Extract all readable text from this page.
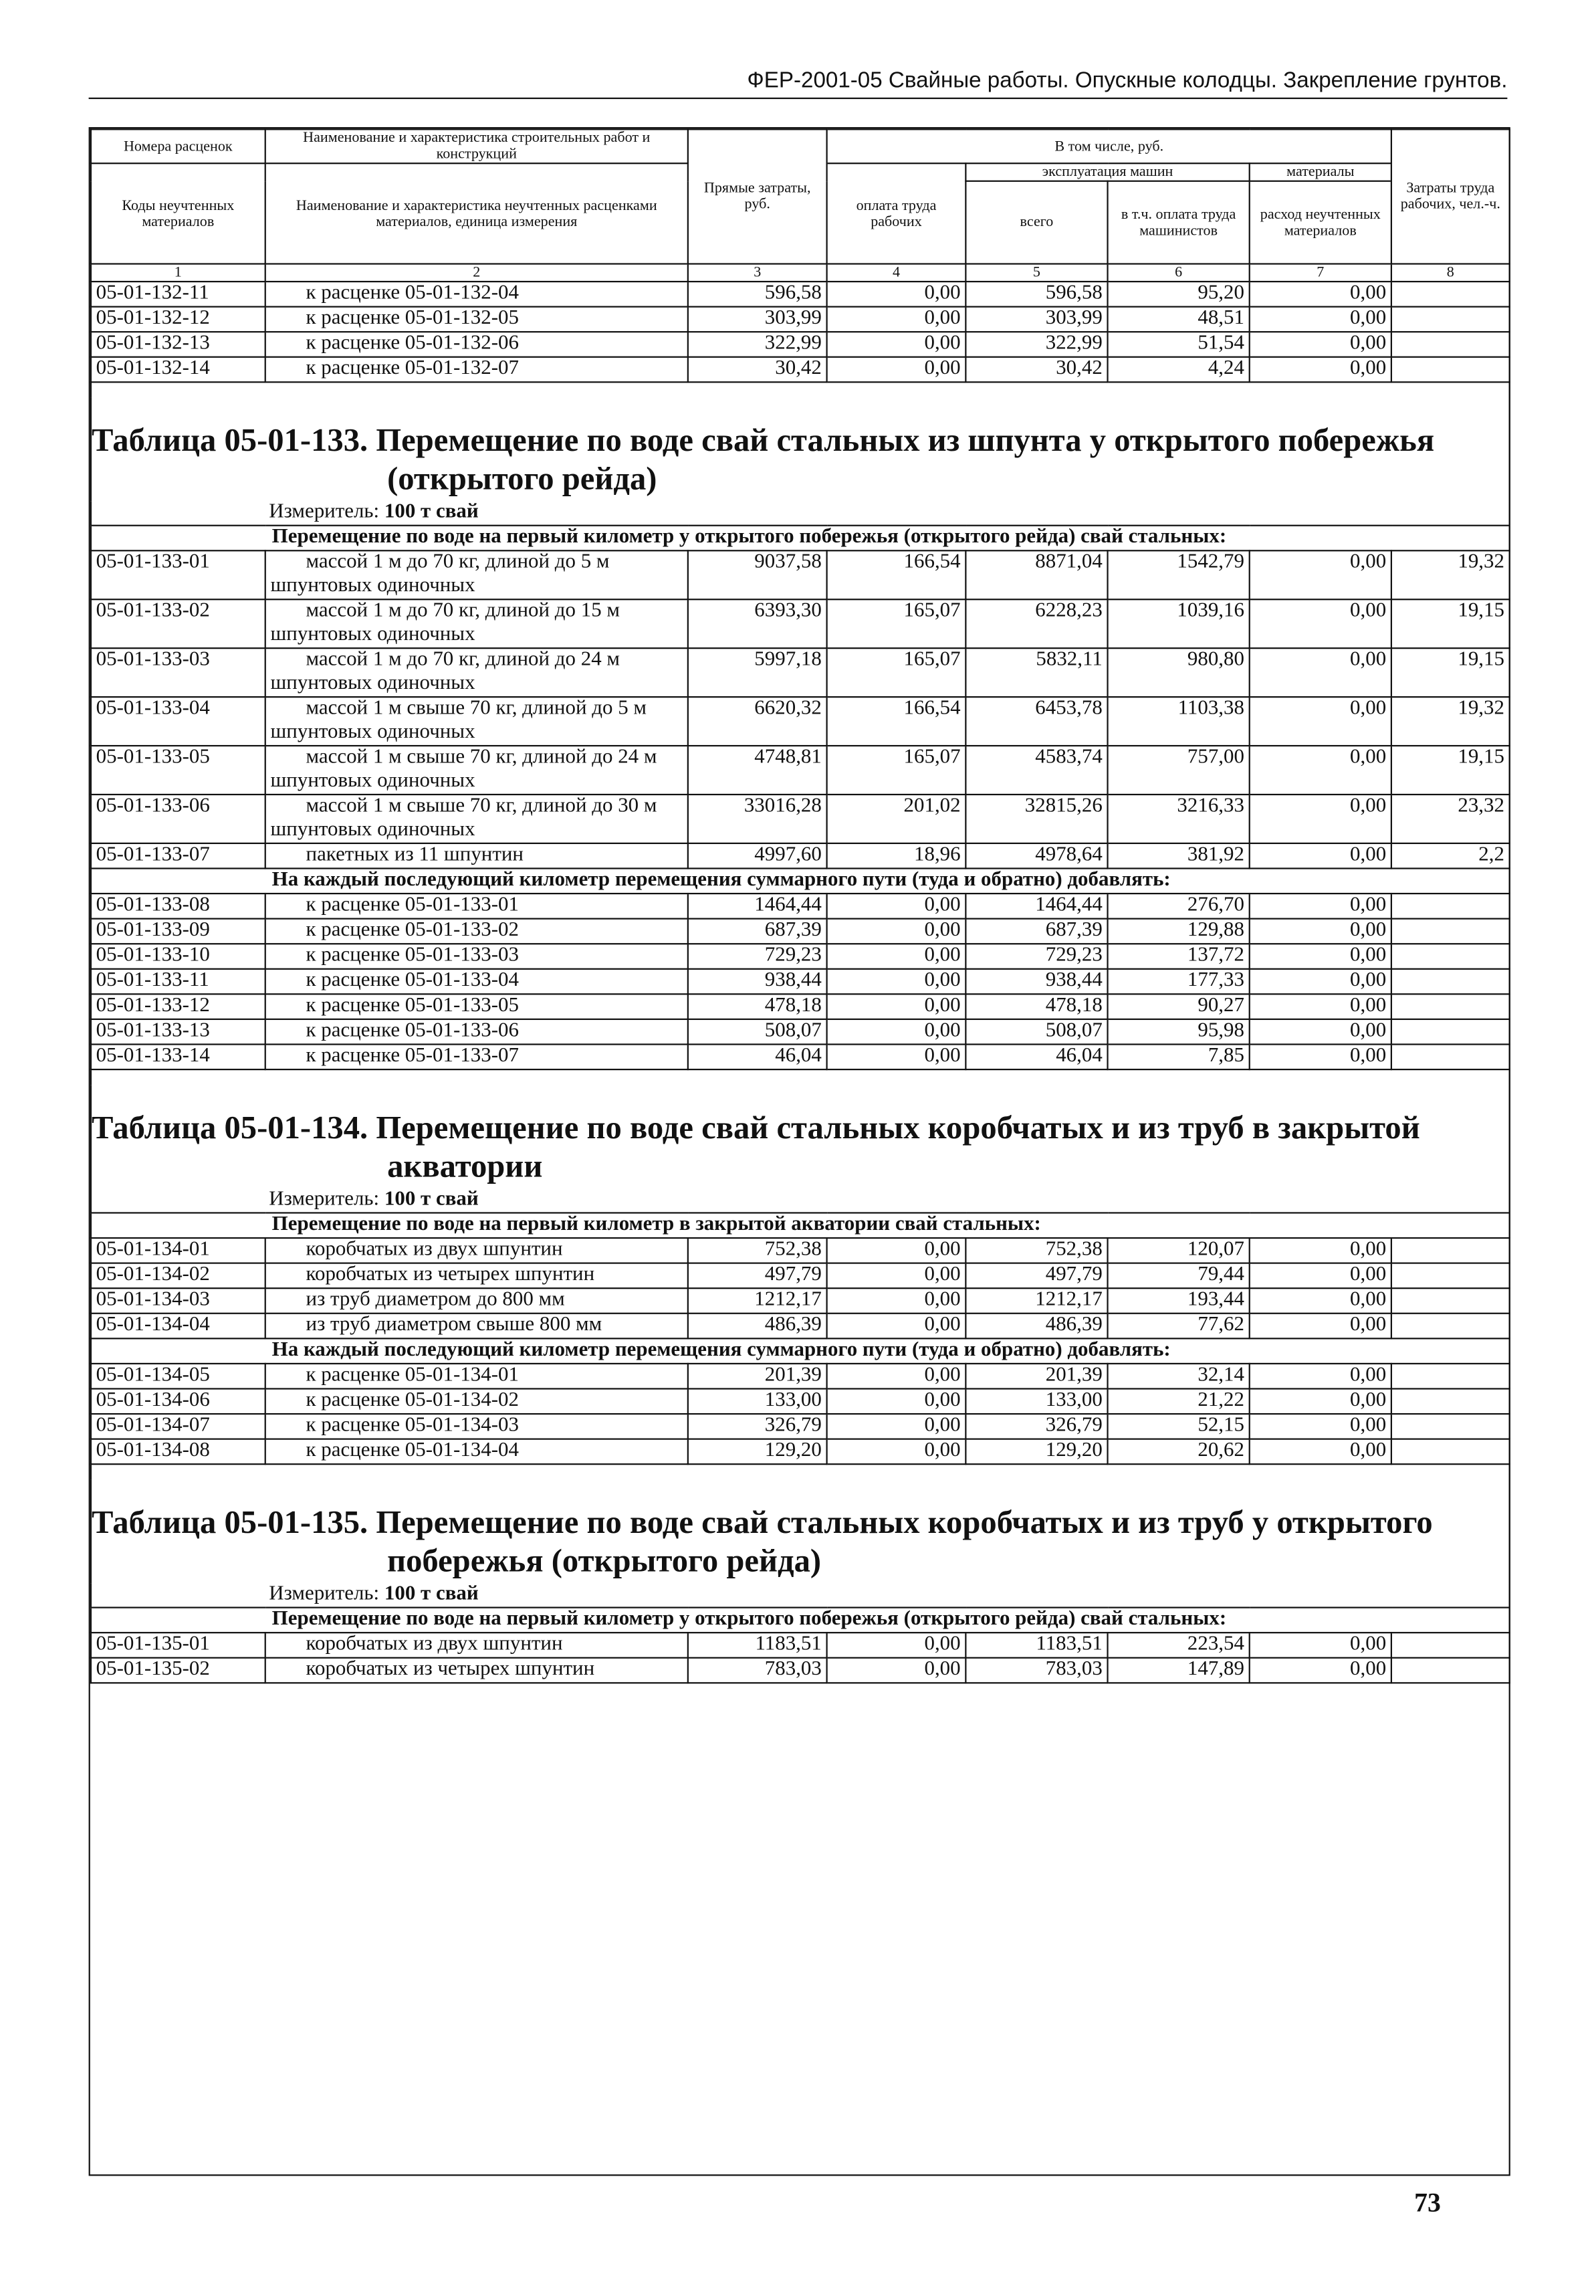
ФЕР-2001-05 Свайные работы. Опускные колодцы. Закрепление грунтов.
Номера расценок	Наименование и характеристика строительных работ и конструкций	Прямые затраты, руб.	В том числе, руб.				Затраты труда рабочих, чел.-ч.
Коды неучтенных материалов	Наименование и характеристика неучтенных расценками материалов, единица измерения		оплата труда рабочих	эксплуатация машин		материалы	
				всего	в т.ч. оплата труда машинистов	расход неучтенных материалов	
1	2	3	4	5	6	7	8
05-01-132-11	к расценке 05-01-132-04	596,58	0,00	596,58	95,20	0,00	
05-01-132-12	к расценке 05-01-132-05	303,99	0,00	303,99	48,51	0,00	
05-01-132-13	к расценке 05-01-132-06	322,99	0,00	322,99	51,54	0,00	
05-01-132-14	к расценке 05-01-132-07	30,42	0,00	30,42	4,24	0,00	

Таблица 05-01-133. Перемещение по воде свай стальных из шпунта у открытого побережья
(открытого рейда)							

Измеритель: 100 т свай							
Перемещение по воде на первый километр у открытого побережья (открытого рейда) свай стальных:							
05-01-133-01	массой 1 м до 70 кг, длиной до 5 м шпунтовых одиночных	9037,58	166,54	8871,04	1542,79	0,00	19,32
05-01-133-02	массой 1 м до 70 кг, длиной до 15 м шпунтовых одиночных	6393,30	165,07	6228,23	1039,16	0,00	19,15
05-01-133-03	массой 1 м до 70 кг, длиной до 24 м шпунтовых одиночных	5997,18	165,07	5832,11	980,80	0,00	19,15
05-01-133-04	массой 1 м свыше 70 кг, длиной до 5 м шпунтовых одиночных	6620,32	166,54	6453,78	1103,38	0,00	19,32
05-01-133-05	массой 1 м свыше 70 кг, длиной до 24 м шпунтовых одиночных	4748,81	165,07	4583,74	757,00	0,00	19,15
05-01-133-06	массой 1 м свыше 70 кг, длиной до 30 м шпунтовых одиночных	33016,28	201,02	32815,26	3216,33	0,00	23,32
05-01-133-07	пакетных из 11 шпунтин	4997,60	18,96	4978,64	381,92	0,00	2,2
На каждый последующий километр перемещения суммарного пути (туда и обратно) добавлять:							
05-01-133-08	к расценке 05-01-133-01	1464,44	0,00	1464,44	276,70	0,00	
05-01-133-09	к расценке 05-01-133-02	687,39	0,00	687,39	129,88	0,00	
05-01-133-10	к расценке 05-01-133-03	729,23	0,00	729,23	137,72	0,00	
05-01-133-11	к расценке 05-01-133-04	938,44	0,00	938,44	177,33	0,00	
05-01-133-12	к расценке 05-01-133-05	478,18	0,00	478,18	90,27	0,00	
05-01-133-13	к расценке 05-01-133-06	508,07	0,00	508,07	95,98	0,00	
05-01-133-14	к расценке 05-01-133-07	46,04	0,00	46,04	7,85	0,00	

Таблица 05-01-134. Перемещение по воде свай стальных коробчатых и из труб в закрытой
акватории							

Измеритель: 100 т свай							
Перемещение по воде на первый километр в закрытой акватории свай стальных:							
05-01-134-01	коробчатых из двух шпунтин	752,38	0,00	752,38	120,07	0,00	
05-01-134-02	коробчатых из четырех шпунтин	497,79	0,00	497,79	79,44	0,00	
05-01-134-03	из труб диаметром до 800 мм	1212,17	0,00	1212,17	193,44	0,00	
05-01-134-04	из труб диаметром свыше 800 мм	486,39	0,00	486,39	77,62	0,00	
На каждый последующий километр перемещения суммарного пути (туда и обратно) добавлять:							
05-01-134-05	к расценке 05-01-134-01	201,39	0,00	201,39	32,14	0,00	
05-01-134-06	к расценке 05-01-134-02	133,00	0,00	133,00	21,22	0,00	
05-01-134-07	к расценке 05-01-134-03	326,79	0,00	326,79	52,15	0,00	
05-01-134-08	к расценке 05-01-134-04	129,20	0,00	129,20	20,62	0,00	

Таблица 05-01-135. Перемещение по воде свай стальных коробчатых и из труб у открытого
побережья (открытого рейда)							

Измеритель: 100 т свай							
Перемещение по воде на первый километр у открытого побережья (открытого рейда) свай стальных:							
05-01-135-01	коробчатых из двух шпунтин	1183,51	0,00	1183,51	223,54	0,00	
05-01-135-02	коробчатых из четырех шпунтин	783,03	0,00	783,03	147,89	0,00	
73
